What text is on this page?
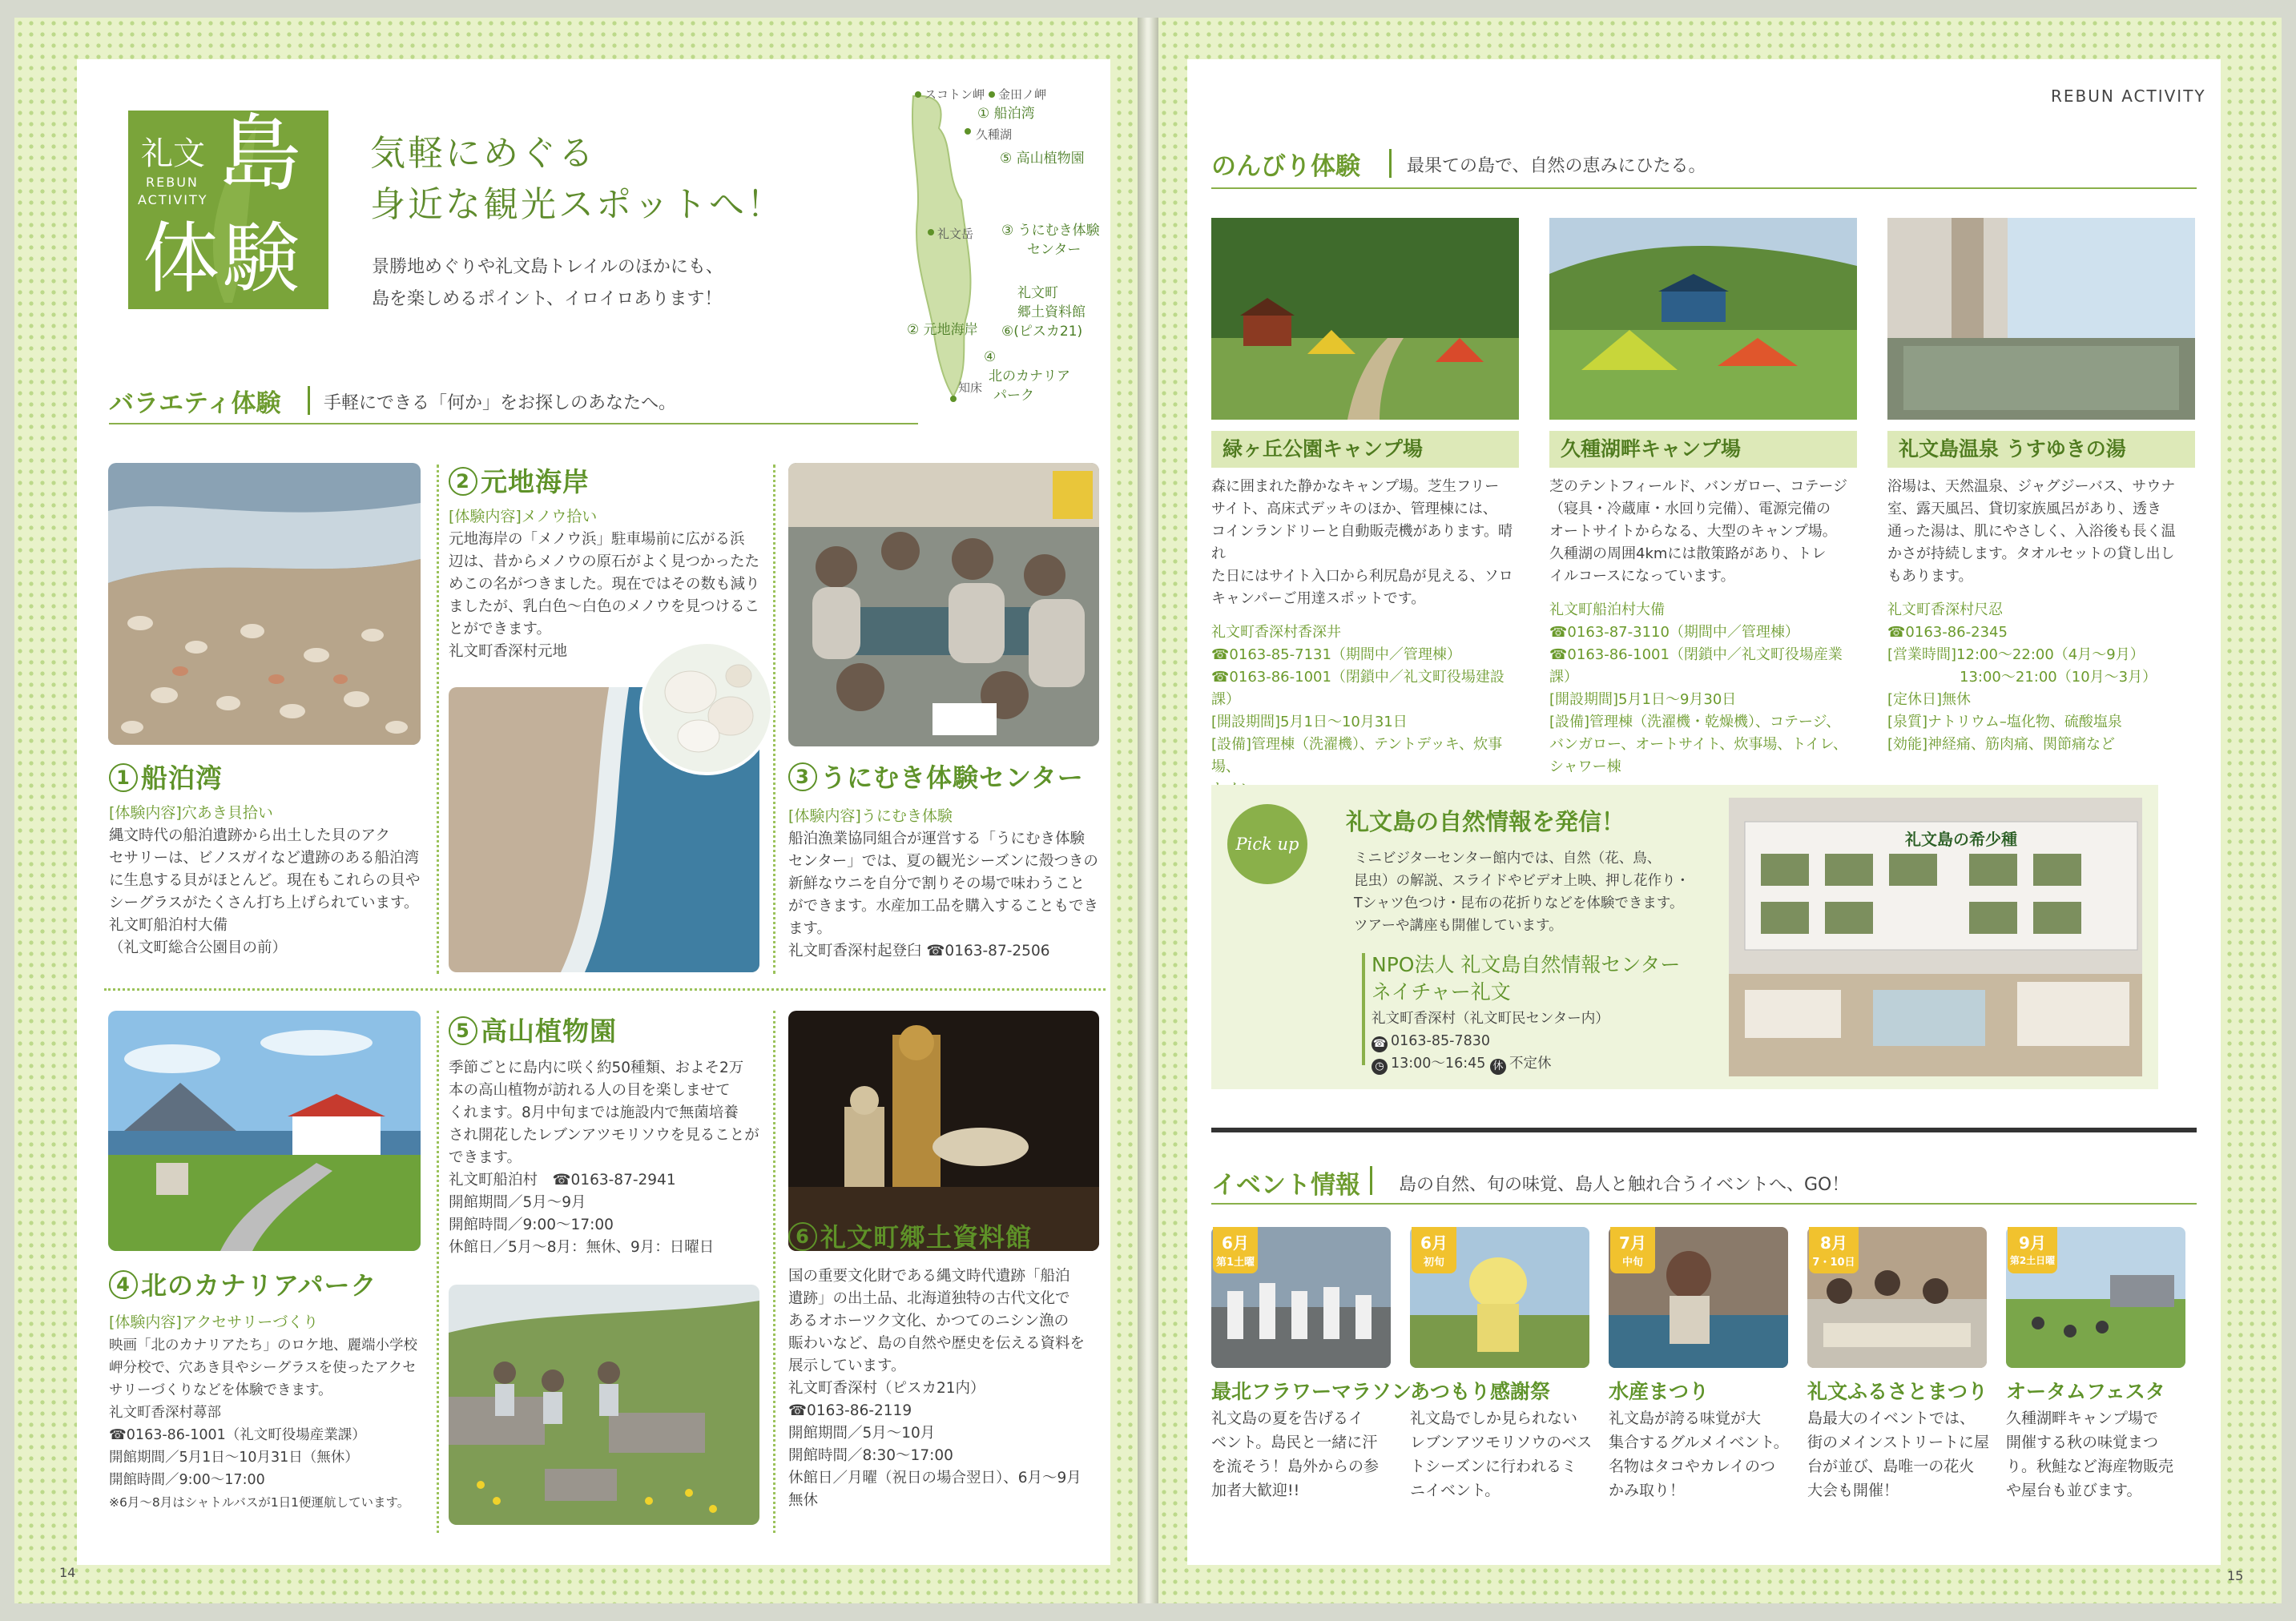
礼文 島
REBUN
ACTIVITY
体験
気軽にめぐる
身近な観光スポットへ！
景勝地めぐりや礼文島トレイルのほかにも、
島を楽しめるポイント、イロイロあります！
スコトン岬 金田ノ岬
① 船泊湾
久種湖
⑤ 高山植物園
礼文岳 ③ うにむき体験
センター
礼文町
郷土資料館
⑥(ピスカ21)
② 元地海岸
④
北のカナリア
パーク
知床
バラエティ体験 手軽にできる「何か」をお探しのあなたへ。
1 船泊湾
[体験内容]穴あき貝拾い
縄文時代の船泊遺跡から出土した貝のアク
セサリーは、ビノスガイなど遺跡のある船泊湾
に生息する貝がほとんど。現在もこれらの貝や
シーグラスがたくさん打ち上げられています。
礼文町船泊村大備
（礼文町総合公園目の前）
2 元地海岸
[体験内容]メノウ拾い
元地海岸の「メノウ浜」駐車場前に広がる浜
辺は、昔からメノウの原石がよく見つかったた
めこの名がつきました。現在ではその数も減り
ましたが、乳白色～白色のメノウを見つけるこ
とができます。
礼文町香深村元地
3 うにむき体験センター
[体験内容]うにむき体験
船泊漁業協同組合が運営する「うにむき体験
センター」では、夏の観光シーズンに殻つきの
新鮮なウニを自分で割りその場で味わうこと
ができます。水産加工品を購入することもでき
ます。
礼文町香深村起登臼 ☎0163-87-2506
4 北のカナリアパーク
[体験内容]アクセサリーづくり
映画「北のカナリアたち」のロケ地、麗端小学校
岬分校で、穴あき貝やシーグラスを使ったアクセ
サリーづくりなどを体験できます。
礼文町香深村蕁部
☎0163-86-1001（礼文町役場産業課）
開館期間／5月1日～10月31日（無休）
開館時間／9:00～17:00
※6月～8月はシャトルバスが1日1便運航しています。
5 高山植物園
季節ごとに島内に咲く約50種類、およそ2万
本の高山植物が訪れる人の目を楽しませて
くれます。8月中旬までは施設内で無菌培養
され開花したレブンアツモリソウを見ることが
できます。
礼文町船泊村　☎0163-87-2941
開館期間／5月～9月
開館時間／9:00～17:00
休館日／5月～8月：無休、9月：日曜日	6 礼文町郷土資料館
国の重要文化財である縄文時代遺跡「船泊
遺跡」の出土品、北海道独特の古代文化で
あるオホーツク文化、かつてのニシン漁の
賑わいなど、島の自然や歴史を伝える資料を
展示しています。
礼文町香深村（ピスカ21内）
☎0163-86-2119
開館期間／5月～10月
開館時間／8:30～17:00
休館日／月曜（祝日の場合翌日）、6月～9月
無休
14
REBUN ACTIVITY
のんびり体験	最果ての島で、自然の恵みにひたる。
緑ヶ丘公園キャンプ場	久種湖畔キャンプ場	礼文島温泉 うすゆきの湯
森に囲まれた静かなキャンプ場。芝生フリー
サイト、高床式デッキのほか、管理棟には、
コインランドリーと自動販売機があります。晴れ
た日にはサイト入口から利尻島が見える、ソロ
キャンパーご用達スポットです。
礼文町香深村香深井
☎0163-85-7131（期間中／管理棟）
☎0163-86-1001（閉鎖中／礼文町役場建設課）
[開設期間]5月1日～10月31日
[設備]管理棟（洗濯機）、テントデッキ、炊事場、
芝のテントフィールド、バンガロー、コテージ
（寝具・冷蔵庫・水回り完備）、電源完備の
オートサイトからなる、大型のキャンプ場。
久種湖の周囲4kmには散策路があり、トレ
イルコースになっています。
礼文町船泊村大備
☎0163-87-3110（期間中／管理棟）
☎0163-86-1001（閉鎖中／礼文町役場産業課）
[開設期間]5月1日～9月30日
[設備]管理棟（洗濯機・乾燥機）、コテージ、
バンガロー、オートサイト、炊事場、トイレ、
シャワー棟
浴場は、天然温泉、ジャグジーバス、サウナ
室、露天風呂、貸切家族風呂があり、透き
通った湯は、肌にやさしく、入浴後も長く温
かさが持続します。タオルセットの貸し出し
もあります。
礼文町香深村尺忍
☎0163-86-2345
[営業時間]12:00～22:00（4月～9月）
　　　　　13:00～21:00（10月～3月）
[定休日]無休
[泉質]ナトリウム–塩化物、硫酸塩泉
[効能]神経痛、筋肉痛、関節痛など
Pick up
礼文島の自然情報を発信！
ミニビジターセンター館内では、自然（花、鳥、
昆虫）の解説、スライドやビデオ上映、押し花作り・
Tシャツ色つけ・昆布の花折りなどを体験できます。
ツアーや講座も開催しています。
NPO法人 礼文島自然情報センター
ネイチャー礼文
礼文町香深村（礼文町民センター内）
☎ 0163-85-7830
◷ 13:00～16:45 休 不定休
礼文島の希少種
イベント情報 島の自然、旬の味覚、島人と触れ合うイベントへ、GO！
6月
第1土曜
最北フラワーマラソン
礼文島の夏を告げるイ
ベント。島民と一緒に汗
を流そう！島外からの参
加者大歓迎!!
6月
初旬
あつもり感謝祭
礼文島でしか見られない
レブンアツモリソウのベス
トシーズンに行われるミ
ニイベント。
7月
中旬
水産まつり
礼文島が誇る味覚が大
集合するグルメイベント。
名物はタコやカレイのつ
かみ取り！
8月
7・10日
礼文ふるさとまつり
島最大のイベントでは、
街のメインストリートに屋
台が並び、島唯一の花火
大会も開催！
9月
第2土日曜
オータムフェスタ
久種湖畔キャンプ場で
開催する秋の味覚まつ
り。秋鮭など海産物販売
や屋台も並びます。
15
